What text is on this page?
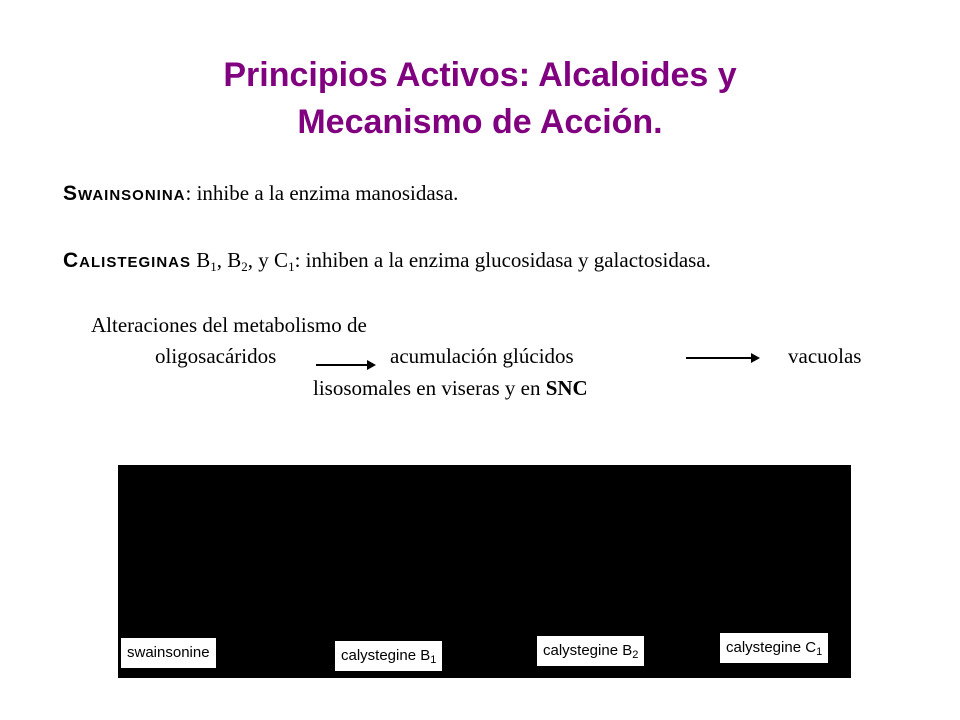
Principios Activos: Alcaloides y
Mecanismo de Acción.
Swainsonina: inhibe a la enzima manosidasa.
Calisteginas $B_1$, $B_2$, y $C_1$: inhiben a la enzima glucosidasa y galactosidasa.
Alteraciones del metabolismo de
oligosacáridos	acumulación glúcidos	vacuolas
lisosomales en viseras y en SNC
swainsonine	calystegine $B_1$
calystegine $B_2$	calystegine $C_1$
